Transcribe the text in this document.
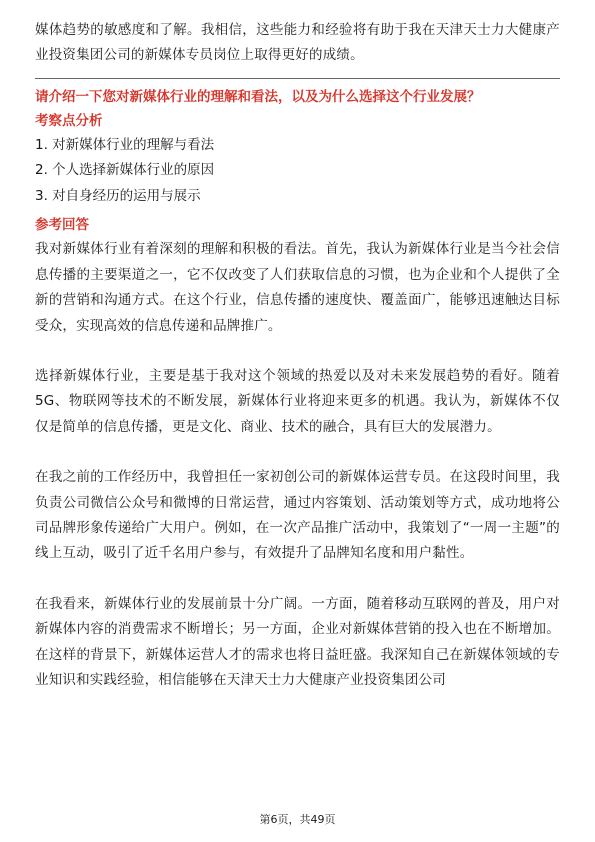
媒体趋势的敏感度和了解。我相信，这些能力和经验将有助于我在天津天士力大健康产业投资集团公司的新媒体专员岗位上取得更好的成绩。

请介绍一下您对新媒体行业的理解和看法，以及为什么选择这个行业发展？

考察点分析

1. 对新媒体行业的理解与看法
2. 个人选择新媒体行业的原因
3. 对自身经历的运用与展示

参考回答

我对新媒体行业有着深刻的理解和积极的看法。首先，我认为新媒体行业是当今社会信息传播的主要渠道之一，它不仅改变了人们获取信息的习惯，也为企业和个人提供了全新的营销和沟通方式。在这个行业，信息传播的速度快、覆盖面广，能够迅速触达目标受众，实现高效的信息传递和品牌推广。

选择新媒体行业，主要是基于我对这个领域的热爱以及对未来发展趋势的看好。随着5G、物联网等技术的不断发展，新媒体行业将迎来更多的机遇。我认为，新媒体不仅仅是简单的信息传播，更是文化、商业、技术的融合，具有巨大的发展潜力。

在我之前的工作经历中，我曾担任一家初创公司的新媒体运营专员。在这段时间里，我负责公司微信公众号和微博的日常运营，通过内容策划、活动策划等方式，成功地将公司品牌形象传递给广大用户。例如，在一次产品推广活动中，我策划了“一周一主题”的线上互动，吸引了近千名用户参与，有效提升了品牌知名度和用户黏性。

在我看来，新媒体行业的发展前景十分广阔。一方面，随着移动互联网的普及，用户对新媒体内容的消费需求不断增长；另一方面，企业对新媒体营销的投入也在不断增加。在这样的背景下，新媒体运营人才的需求也将日益旺盛。我深知自己在新媒体领域的专业知识和实践经验，相信能够在天津天士力大健康产业投资集团公司

第6页，共49页
